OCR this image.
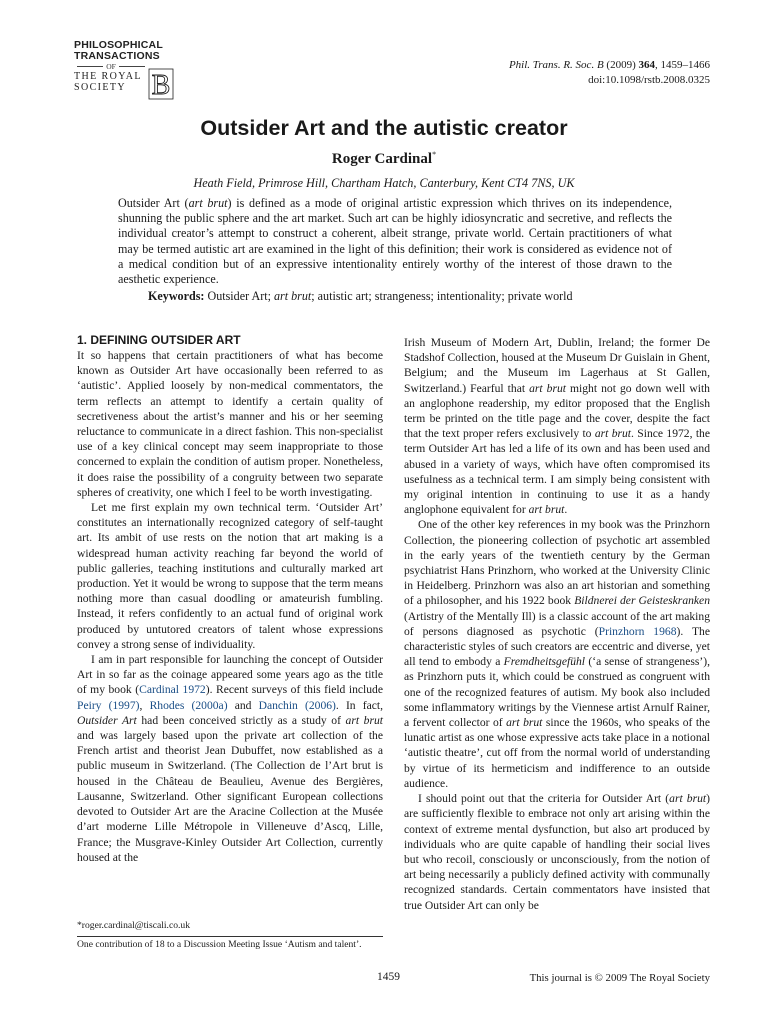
PHILOSOPHICAL
TRANSACTIONS
OF
THE ROYAL
SOCIETY B
Phil. Trans. R. Soc. B (2009) 364, 1459–1466
doi:10.1098/rstb.2008.0325
Outsider Art and the autistic creator
Roger Cardinal*
Heath Field, Primrose Hill, Chartham Hatch, Canterbury, Kent CT4 7NS, UK

Outsider Art (art brut) is defined as a mode of original artistic expression which thrives on its independence, shunning the public sphere and the art market. Such art can be highly idiosyncratic and secretive, and reflects the individual creator’s attempt to construct a coherent, albeit strange, private world. Certain practitioners of what may be termed autistic art are examined in the light of this definition; their work is considered as evidence not of a medical condition but of an expressive intentionality entirely worthy of the interest of those drawn to the aesthetic experience.

Keywords: Outsider Art; art brut; autistic art; strangeness; intentionality; private world
1. DEFINING OUTSIDER ART

It so happens that certain practitioners of what has become known as Outsider Art have occasionally been referred to as ‘autistic’. Applied loosely by non-medical commentators, the term reflects an attempt to identify a certain quality of secretiveness about the artist’s manner and his or her seeming reluctance to communicate in a direct fashion. This non-specialist use of a key clinical concept may seem inappropriate to those concerned to explain the condition of autism proper. Nonetheless, it does raise the possibility of a congruity between two separate spheres of creativity, one which I feel to be worth investigating.

Let me first explain my own technical term. ‘Outsider Art’ constitutes an internationally recognized category of self-taught art. Its ambit of use rests on the notion that art making is a widespread human activity reaching far beyond the world of public galleries, teaching institutions and culturally marked art production. Yet it would be wrong to suppose that the term means nothing more than casual doodling or amateurish fumbling. Instead, it refers confidently to an actual fund of original work produced by untutored creators of talent whose expressions convey a strong sense of individuality.

I am in part responsible for launching the concept of Outsider Art in so far as the coinage appeared some years ago as the title of my book (Cardinal 1972). Recent surveys of this field include Peiry (1997), Rhodes (2000a) and Danchin (2006). In fact, Outsider Art had been conceived strictly as a study of art brut and was largely based upon the private art collection of the French artist and theorist Jean Dubuffet, now established as a public museum in Switzerland. (The Collection de l’Art brut is housed in the Château de Beaulieu, Avenue des Bergières, Lausanne, Switzerland. Other significant European collections devoted to Outsider Art are the Aracine Collection at the Musée d’art moderne Lille Métropole in Villeneuve d’Ascq, Lille, France; the Musgrave-Kinley Outsider Art Collection, currently housed at the

Irish Museum of Modern Art, Dublin, Ireland; the former De Stadshof Collection, housed at the Museum Dr Guislain in Ghent, Belgium; and the Museum im Lagerhaus at St Gallen, Switzerland.) Fearful that art brut might not go down well with an anglophone readership, my editor proposed that the English term be printed on the title page and the cover, despite the fact that the text proper refers exclusively to art brut. Since 1972, the term Outsider Art has led a life of its own and has been used and abused in a variety of ways, which have often compromised its usefulness as a technical term. I am simply being consistent with my original intention in continuing to use it as a handy anglophone equivalent for art brut.

One of the other key references in my book was the Prinzhorn Collection, the pioneering collection of psychotic art assembled in the early years of the twentieth century by the German psychiatrist Hans Prinzhorn, who worked at the University Clinic in Heidelberg. Prinzhorn was also an art historian and something of a philosopher, and his 1922 book Bildnerei der Geisteskranken (Artistry of the Mentally Ill) is a classic account of the art making of persons diagnosed as psychotic (Prinzhorn 1968). The characteristic styles of such creators are eccentric and diverse, yet all tend to embody a Fremdheitsgefühl (‘a sense of strangeness’), as Prinzhorn puts it, which could be construed as congruent with one of the recognized features of autism. My book also included some inflammatory writings by the Viennese artist Arnulf Rainer, a fervent collector of art brut since the 1960s, who speaks of the lunatic artist as one whose expressive acts take place in a notional ‘autistic theatre’, cut off from the normal world of understanding by virtue of its hermeticism and indifference to an outside audience.

I should point out that the criteria for Outsider Art (art brut) are sufficiently flexible to embrace not only art arising within the context of extreme mental dysfunction, but also art produced by individuals who are quite capable of handling their social lives but who recoil, consciously or unconsciously, from the notion of art being necessarily a publicly defined activity with communally recognized standards. Certain commentators have insisted that true Outsider Art can only be

*roger.cardinal@tiscali.co.uk
One contribution of 18 to a Discussion Meeting Issue ‘Autism and talent’.
1459	This journal is © 2009 The Royal Society
